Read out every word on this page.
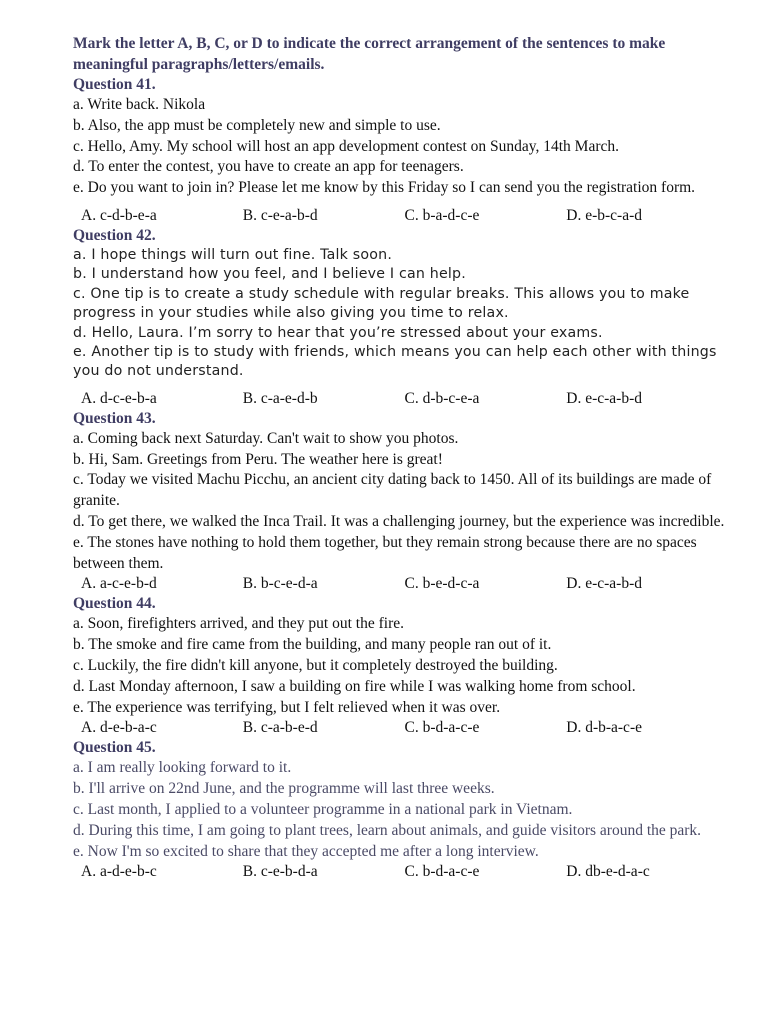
Mark the letter A, B, C, or D to indicate the correct arrangement of the sentences to make meaningful paragraphs/letters/emails.

Question 41.

a. Write back. Nikola

b. Also, the app must be completely new and simple to use.

c. Hello, Amy. My school will host an app development contest on Sunday, 14th March.

d. To enter the contest, you have to create an app for teenagers.

e. Do you want to join in? Please let me know by this Friday so I can send you the registration form.

A. c-d-b-e-a	B. c-e-a-b-d	C. b-a-d-c-e	D. e-b-c-a-d

Question 42.

a. I hope things will turn out fine. Talk soon.

b. I understand how you feel, and I believe I can help.

c. One tip is to create a study schedule with regular breaks. This allows you to make progress in your studies while also giving you time to relax.

d. Hello, Laura. I’m sorry to hear that you’re stressed about your exams.

e. Another tip is to study with friends, which means you can help each other with things you do not understand.

A. d-c-e-b-a	B. c-a-e-d-b	C. d-b-c-e-a	D. e-c-a-b-d

Question 43.

a. Coming back next Saturday. Can't wait to show you photos.

b. Hi, Sam. Greetings from Peru. The weather here is great!

c. Today we visited Machu Picchu, an ancient city dating back to 1450. All of its buildings are made of granite.

d. To get there, we walked the Inca Trail. It was a challenging journey, but the experience was incredible.

e. The stones have nothing to hold them together, but they remain strong because there are no spaces between them.

A. a-c-e-b-d	B. b-c-e-d-a	C. b-e-d-c-a	D. e-c-a-b-d

Question 44.

a. Soon, firefighters arrived, and they put out the fire.

b. The smoke and fire came from the building, and many people ran out of it.

c. Luckily, the fire didn't kill anyone, but it completely destroyed the building.

d. Last Monday afternoon, I saw a building on fire while I was walking home from school.

e. The experience was terrifying, but I felt relieved when it was over.

A. d-e-b-a-c	B. c-a-b-e-d	C. b-d-a-c-e	D. d-b-a-c-e

Question 45.

a. I am really looking forward to it.

b. I'll arrive on 22nd June, and the programme will last three weeks.

c. Last month, I applied to a volunteer programme in a national park in Vietnam.

d. During this time, I am going to plant trees, learn about animals, and guide visitors around the park.

e. Now I'm so excited to share that they accepted me after a long interview.

A. a-d-e-b-c	B. c-e-b-d-a	C. b-d-a-c-e	D. db-e-d-a-c
